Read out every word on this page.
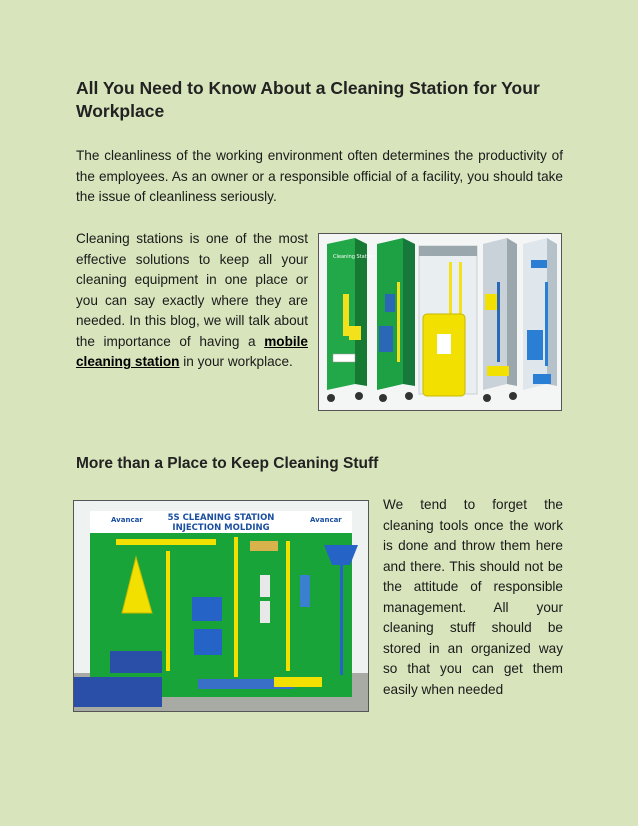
All You Need to Know About a Cleaning Station for Your Workplace

The cleanliness of the working environment often determines the productivity of the employees. As an owner or a responsible official of a facility, you should take the issue of cleanliness seriously.

Cleaning stations is one of the most effective solutions to keep all your cleaning equipment in one place or you can say exactly where they are needed. In this blog, we will talk about the importance of having a mobile cleaning station in your workplace.

Cleaning Station
More than a Place to Keep Cleaning Stuff
Avancar	Avancar
5S CLEANING STATION
INJECTION MOLDING

We tend to forget the cleaning tools once the work is done and throw them here and there. This should not be the attitude of responsible management. All your cleaning stuff should be stored in an organized way so that you can get them easily when needed
